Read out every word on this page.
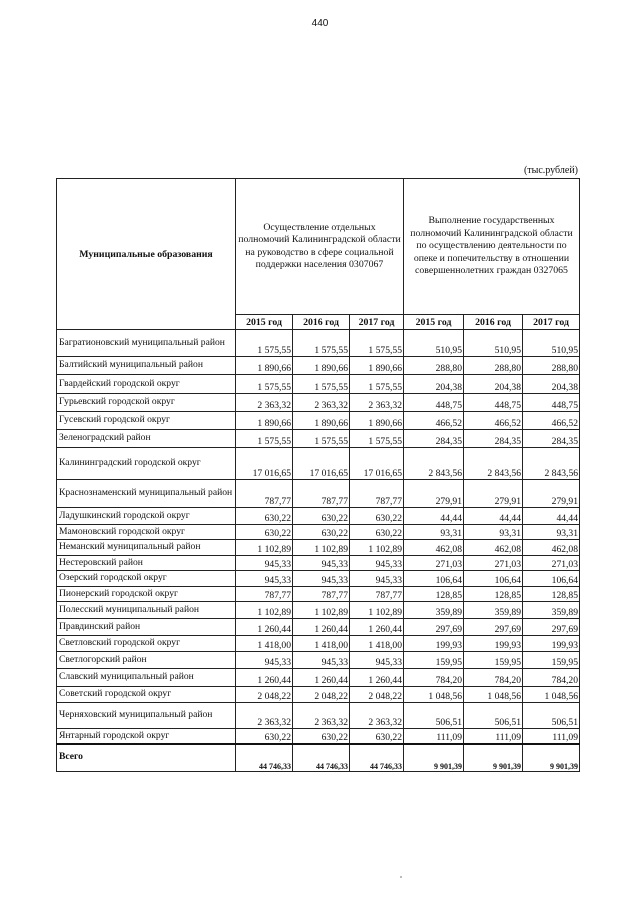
440
(тыс.рублей)
Муниципальные образования	Осуществление отдельных полномочий Калининградской области на руководство в сфере социальной поддержки населения 0307067			Выполнение государственных полномочий Калининградской области по осуществлению деятельности по опеке и попечительству в отношении совершеннолетних граждан 0327065		
	2015 год	2016 год	2017 год	2015 год	2016 год	2017 год
Багратионовский муниципальный район	1 575,55	1 575,55	1 575,55	510,95	510,95	510,95
Балтийский муниципальный район	1 890,66	1 890,66	1 890,66	288,80	288,80	288,80
Гвардейский городской округ	1 575,55	1 575,55	1 575,55	204,38	204,38	204,38
Гурьевский городской округ	2 363,32	2 363,32	2 363,32	448,75	448,75	448,75
Гусевский городской округ	1 890,66	1 890,66	1 890,66	466,52	466,52	466,52
Зеленоградский район	1 575,55	1 575,55	1 575,55	284,35	284,35	284,35
Калининградский городской округ	17 016,65	17 016,65	17 016,65	2 843,56	2 843,56	2 843,56
Краснознаменский муниципальный район	787,77	787,77	787,77	279,91	279,91	279,91
Ладушкинский городской округ	630,22	630,22	630,22	44,44	44,44	44,44
Мамоновский городской округ	630,22	630,22	630,22	93,31	93,31	93,31
Неманский муниципальный район	1 102,89	1 102,89	1 102,89	462,08	462,08	462,08
Нестеровский район	945,33	945,33	945,33	271,03	271,03	271,03
Озерский городской округ	945,33	945,33	945,33	106,64	106,64	106,64
Пионерский городской округ	787,77	787,77	787,77	128,85	128,85	128,85
Полесский муниципальный район	1 102,89	1 102,89	1 102,89	359,89	359,89	359,89
Правдинский район	1 260,44	1 260,44	1 260,44	297,69	297,69	297,69
Светловский городской округ	1 418,00	1 418,00	1 418,00	199,93	199,93	199,93
Светлогорский район	945,33	945,33	945,33	159,95	159,95	159,95
Славский муниципальный район	1 260,44	1 260,44	1 260,44	784,20	784,20	784,20
Советский городской округ	2 048,22	2 048,22	2 048,22	1 048,56	1 048,56	1 048,56
Черняховский муниципальный район	2 363,32	2 363,32	2 363,32	506,51	506,51	506,51
Янтарный городской округ	630,22	630,22	630,22	111,09	111,09	111,09
Всего	44 746,33	44 746,33	44 746,33	9 901,39	9 901,39	9 901,39
